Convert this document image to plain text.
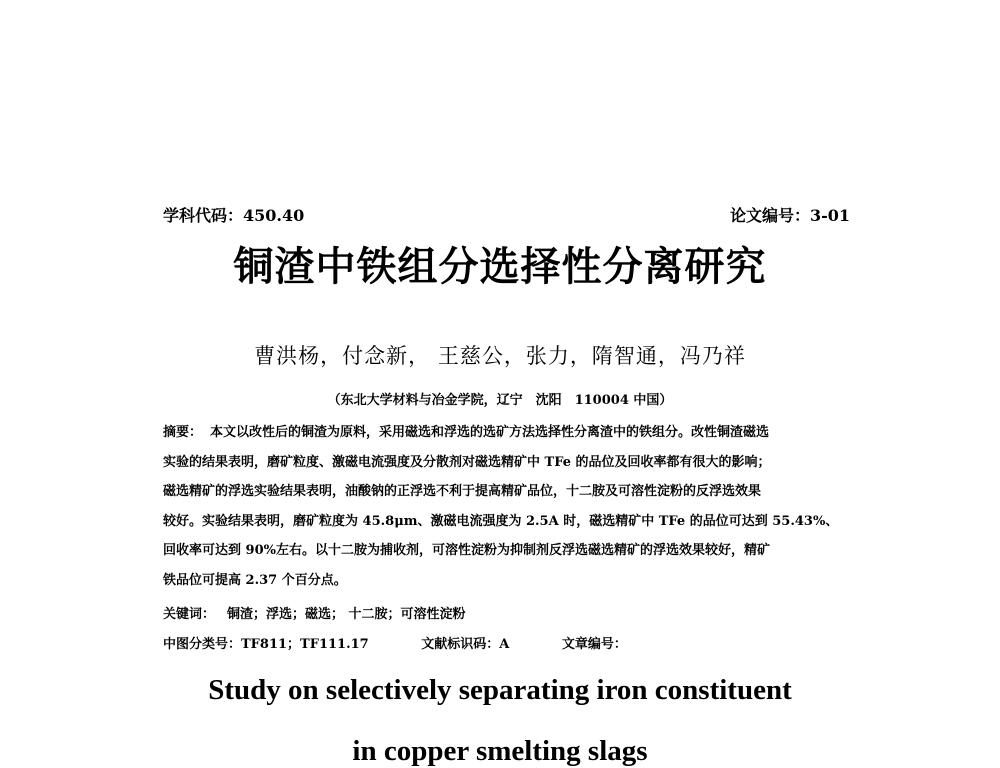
学科代码：450.40	论文编号：3-01
铜渣中铁组分选择性分离研究
曹洪杨，付念新， 王慈公，张力，隋智通，冯乃祥
（东北大学材料与冶金学院，辽宁　沈阳　110004 中国）
摘要： 本文以改性后的铜渣为原料，采用磁选和浮选的选矿方法选择性分离渣中的铁组分。改性铜渣磁选
实验的结果表明，磨矿粒度、激磁电流强度及分散剂对磁选精矿中 TFe 的品位及回收率都有很大的影响；
磁选精矿的浮选实验结果表明，油酸钠的正浮选不利于提高精矿品位，十二胺及可溶性淀粉的反浮选效果
较好。实验结果表明，磨矿粒度为 45.8μm、激磁电流强度为 2.5A 时，磁选精矿中 TFe 的品位可达到 55.43%、
回收率可达到 90%左右。以十二胺为捕收剂，可溶性淀粉为抑制剂反浮选磁选精矿的浮选效果较好，精矿
铁品位可提高 2.37 个百分点。
关键词： 铜渣；浮选；磁选； 十二胺；可溶性淀粉
中图分类号：TF811；TF111.17	文献标识码：A	文章编号：
Study on selectively separating iron constituent
in copper smelting slags
